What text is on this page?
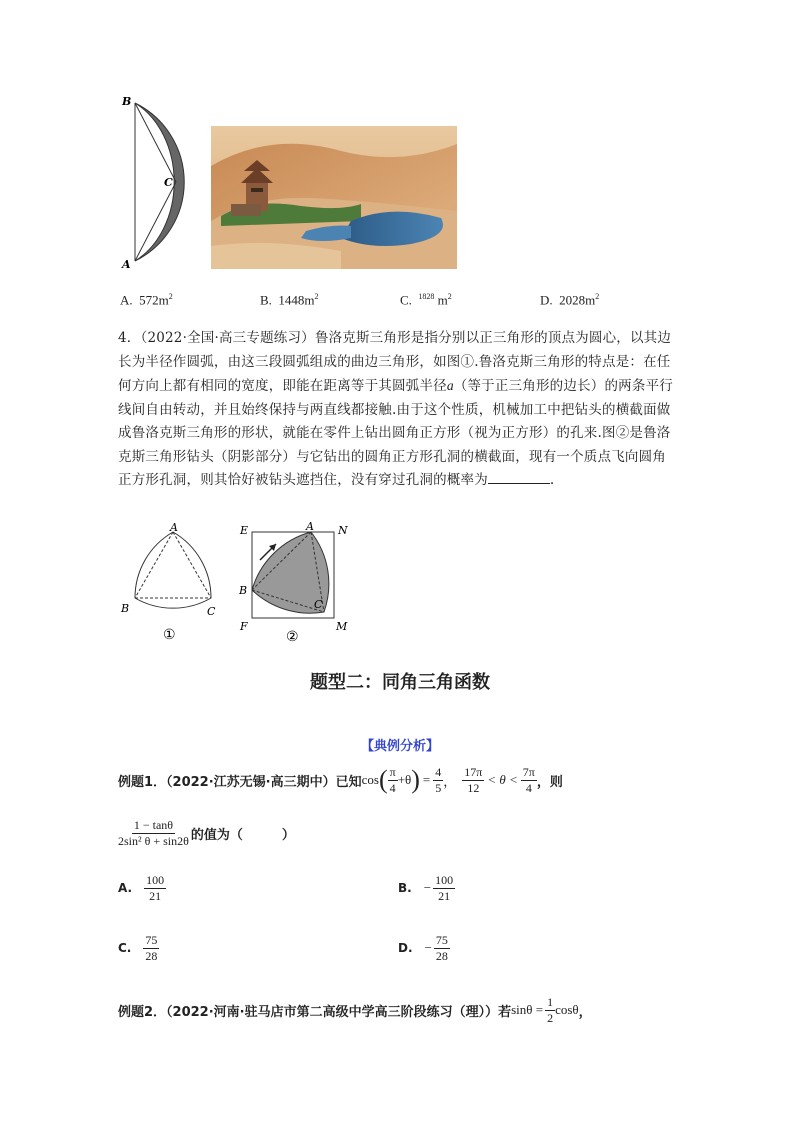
B
C
A
A. $572m^2$	B. $1448m^2$	C. $^{1828}$ $m^2$	D. $2028m^2$
4．（2022·全国·高三专题练习）鲁洛克斯三角形是指分别以正三角形的顶点为圆心，以其边长为半径作圆弧，由这三段圆弧组成的曲边三角形，如图①.鲁洛克斯三角形的特点是：在任何方向上都有相同的宽度，即能在距离等于其圆弧半径a（等于正三角形的边长）的两条平行线间自由转动，并且始终保持与两直线都接触.由于这个性质，机械加工中把钻头的横截面做成鲁洛克斯三角形的形状，就能在零件上钻出圆角正方形（视为正方形）的孔来.图②是鲁洛克斯三角形钻头（阴影部分）与它钻出的圆角正方形孔洞的横截面，现有一个质点飞向圆角正方形孔洞，则其恰好被钻头遮挡住，没有穿过孔洞的概率为	.
A
B	C
①
E	A N
B
C
F	M
②
题型二：同角三角函数
【典例分析】
例题1．（2022·江苏无锡·高三期中）已知 cos ( $\frac{\pi}{4} +\theta$ ) = $\frac{4}{5}$ ， $\frac{17\pi}{12} < \theta < \frac{7\pi}{4}$ ，则
$\frac{1 - \tan\theta}{\text{2sin² θ + sin2θ}}$ 的值为（　　　）
A. $\frac{100}{21}$	B. − $\frac{100}{21}$
C. $\frac{75}{28}$	D. − $\frac{75}{28}$
例题2．（2022·河南·驻马店市第二高级中学高三阶段练习（理））若 $\sin\theta = \frac{1}{2}$ cosθ ，
